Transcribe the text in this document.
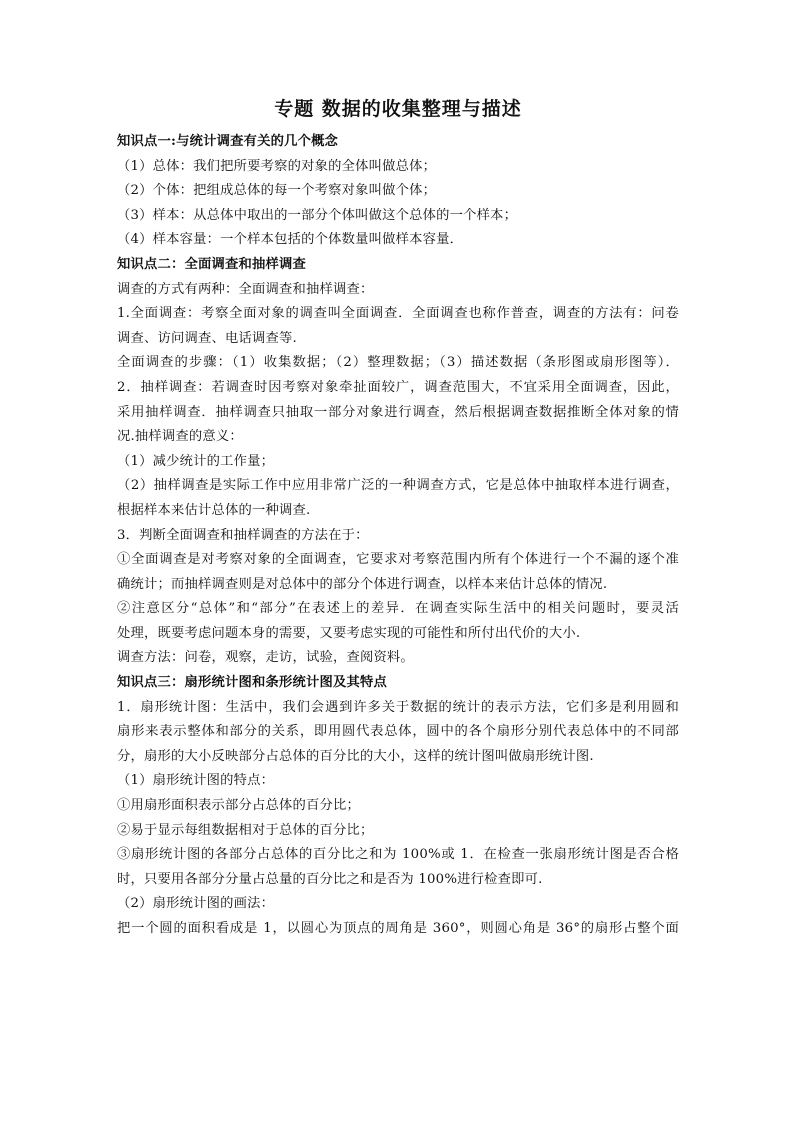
专题 数据的收集整理与描述
知识点一:与统计调查有关的几个概念
（1）总体：我们把所要考察的对象的全体叫做总体；
（2）个体：把组成总体的每一个考察对象叫做个体；
（3）样本：从总体中取出的一部分个体叫做这个总体的一个样本；
（4）样本容量：一个样本包括的个体数量叫做样本容量．
知识点二：全面调查和抽样调查
调查的方式有两种：全面调查和抽样调查：
1.全面调查：考察全面对象的调查叫全面调查．全面调查也称作普查，调查的方法有：问卷
调查、访问调查、电话调查等.
全面调查的步骤：（1）收集数据；（2）整理数据；（3）描述数据（条形图或扇形图等）．
2．抽样调查：若调查时因考察对象牵扯面较广，调查范围大，不宜采用全面调查，因此，
采用抽样调查．抽样调查只抽取一部分对象进行调查，然后根据调查数据推断全体对象的情
况.抽样调查的意义：
（1）减少统计的工作量；
（2）抽样调查是实际工作中应用非常广泛的一种调查方式，它是总体中抽取样本进行调查，
根据样本来估计总体的一种调查.
3．判断全面调查和抽样调查的方法在于：
①全面调查是对考察对象的全面调查，它要求对考察范围内所有个体进行一个不漏的逐个准
确统计；而抽样调查则是对总体中的部分个体进行调查，以样本来估计总体的情况.
②注意区分“总体”和“部分”在表述上的差异．在调查实际生活中的相关问题时，要灵活
处理，既要考虑问题本身的需要，又要考虑实现的可能性和所付出代价的大小.
调查方法：问卷，观察，走访，试验，查阅资料。
知识点三：扇形统计图和条形统计图及其特点
1．扇形统计图：生活中，我们会遇到许多关于数据的统计的表示方法，它们多是利用圆和
扇形来表示整体和部分的关系，即用圆代表总体，圆中的各个扇形分别代表总体中的不同部
分，扇形的大小反映部分占总体的百分比的大小，这样的统计图叫做扇形统计图.
（1）扇形统计图的特点：
①用扇形面积表示部分占总体的百分比；
②易于显示每组数据相对于总体的百分比；
③扇形统计图的各部分占总体的百分比之和为 100%或 1．在检查一张扇形统计图是否合格
时，只要用各部分分量占总量的百分比之和是否为 100%进行检查即可.
（2）扇形统计图的画法：
把一个圆的面积看成是 1，以圆心为顶点的周角是 360°，则圆心角是 36°的扇形占整个面
